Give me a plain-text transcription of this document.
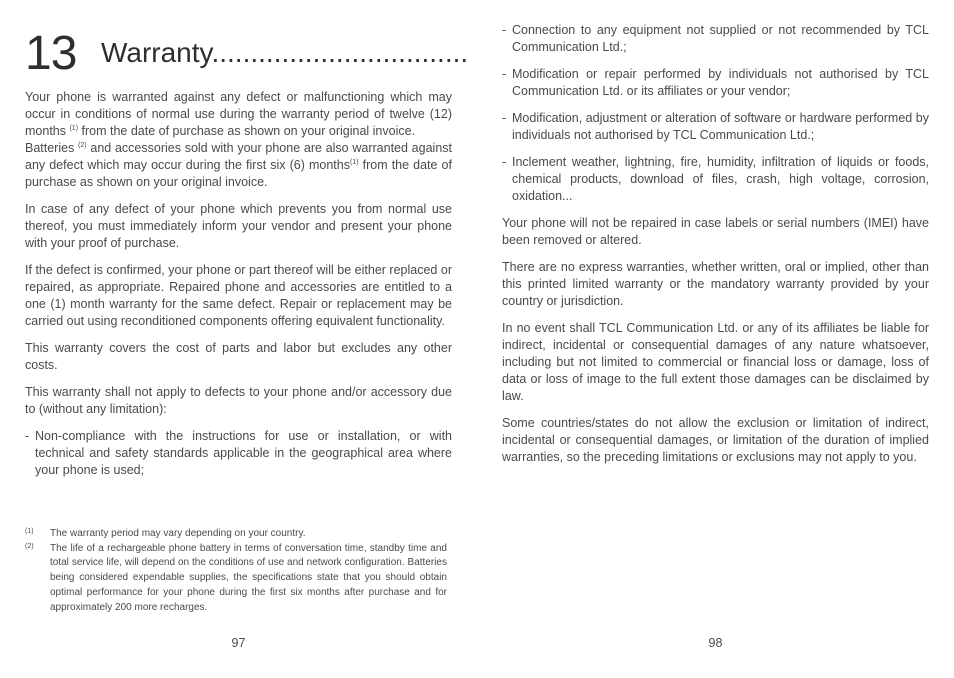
13 Warranty.................................

Your phone is warranted against any defect or malfunctioning which may occur in conditions of normal use during the warranty period of twelve (12) months $^{(1)}$ from the date of purchase as shown on your original invoice.

Batteries $^{(2)}$ and accessories sold with your phone are also warranted against any defect which may occur during the first six (6) months$^{(1)}$ from the date of purchase as shown on your original invoice.

In case of any defect of your phone which prevents you from normal use thereof, you must immediately inform your vendor and present your phone with your proof of purchase.

If the defect is confirmed, your phone or part thereof will be either replaced or repaired, as appropriate. Repaired phone and accessories are entitled to a one (1) month warranty for the same defect. Repair or replacement may be carried out using reconditioned components offering equivalent functionality.

This warranty covers the cost of parts and labor but excludes any other costs.

This warranty shall not apply to defects to your phone and/or accessory due to (without any limitation):

- Non-compliance with the instructions for use or installation, or with technical and safety standards applicable in the geographical area where your phone is used;
(1)	The warranty period may vary depending on your country.
(2)	The life of a rechargeable phone battery in terms of conversation time, standby time and total service life, will depend on the conditions of use and network configuration. Batteries being considered expendable supplies, the specifications state that you should obtain optimal performance for your phone during the first six months after purchase and for approximately 200 more recharges.
97
- Connection to any equipment not supplied or not recommended by TCL Communication Ltd.;
- Modification or repair performed by individuals not authorised by TCL Communication Ltd. or its affiliates or your vendor;
- Modification, adjustment or alteration of software or hardware performed by individuals not authorised by TCL Communication Ltd.;
- Inclement weather, lightning, fire, humidity, infiltration of liquids or foods, chemical products, download of files, crash, high voltage, corrosion, oxidation...

Your phone will not be repaired in case labels or serial numbers (IMEI) have been removed or altered.

There are no express warranties, whether written, oral or implied, other than this printed limited warranty or the mandatory warranty provided by your country or jurisdiction.

In no event shall TCL Communication Ltd. or any of its affiliates be liable for indirect, incidental or consequential damages of any nature whatsoever, including but not limited to commercial or financial loss or damage, loss of data or loss of image to the full extent those damages can be disclaimed by law.

Some countries/states do not allow the exclusion or limitation of indirect, incidental or consequential damages, or limitation of the duration of implied warranties, so the preceding limitations or exclusions may not apply to you.

98
